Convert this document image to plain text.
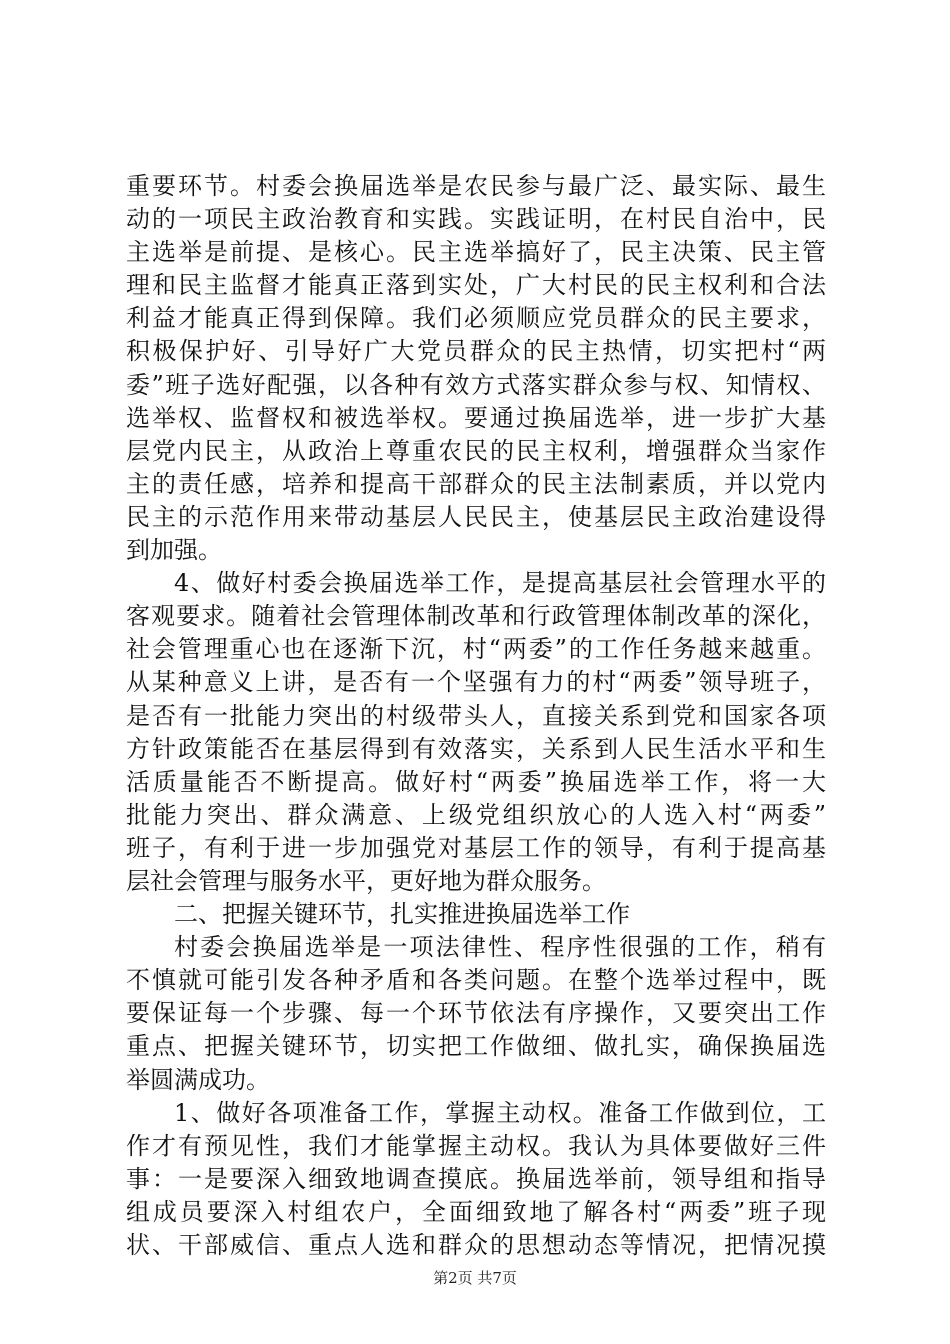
重要环节。村委会换届选举是农民参与最广泛、最实际、最生
动的一项民主政治教育和实践。实践证明，在村民自治中，民
主选举是前提、是核心。民主选举搞好了，民主决策、民主管
理和民主监督才能真正落到实处，广大村民的民主权利和合法
利益才能真正得到保障。我们必须顺应党员群众的民主要求，
积极保护好、引导好广大党员群众的民主热情，切实把村“两
委”班子选好配强，以各种有效方式落实群众参与权、知情权、
选举权、监督权和被选举权。要通过换届选举，进一步扩大基
层党内民主，从政治上尊重农民的民主权利，增强群众当家作
主的责任感，培养和提高干部群众的民主法制素质，并以党内
民主的示范作用来带动基层人民民主，使基层民主政治建设得
到加强。
4、做好村委会换届选举工作，是提高基层社会管理水平的
客观要求。随着社会管理体制改革和行政管理体制改革的深化，
社会管理重心也在逐渐下沉，村“两委”的工作任务越来越重。
从某种意义上讲，是否有一个坚强有力的村“两委”领导班子，
是否有一批能力突出的村级带头人，直接关系到党和国家各项
方针政策能否在基层得到有效落实，关系到人民生活水平和生
活质量能否不断提高。做好村“两委”换届选举工作，将一大
批能力突出、群众满意、上级党组织放心的人选入村“两委”
班子，有利于进一步加强党对基层工作的领导，有利于提高基
层社会管理与服务水平，更好地为群众服务。
二、把握关键环节，扎实推进换届选举工作
村委会换届选举是一项法律性、程序性很强的工作，稍有
不慎就可能引发各种矛盾和各类问题。在整个选举过程中，既
要保证每一个步骤、每一个环节依法有序操作，又要突出工作
重点、把握关键环节，切实把工作做细、做扎实，确保换届选
举圆满成功。
1、做好各项准备工作，掌握主动权。准备工作做到位，工
作才有预见性，我们才能掌握主动权。我认为具体要做好三件
事：一是要深入细致地调查摸底。换届选举前，领导组和指导
组成员要深入村组农户，全面细致地了解各村“两委”班子现
状、干部威信、重点人选和群众的思想动态等情况，把情况摸
第2页 共7页
